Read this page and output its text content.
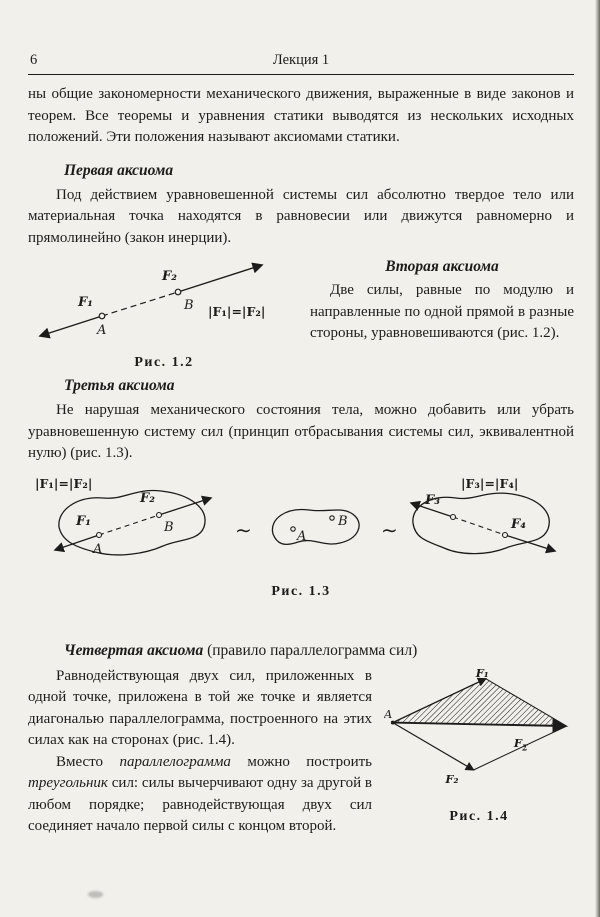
6	Лекция 1

ны общие закономерности механического движения, выраженные в виде законов и теорем. Все теоремы и уравнения статики выводятся из нескольких исходных положений. Эти положения называют аксиомами статики.

Первая аксиома

Под действием уравновешенной системы сил абсолютно твердое тело или материальная точка находятся в равновесии или движутся равномерно и прямолинейно (закон инерции).

F₁
A
F₂
B |F₁|=|F₂|
Рис. 1.2
Вторая аксиома

Две силы, равные по модулю и направленные по одной прямой в разные стороны, уравновешиваются (рис. 1.2).

Третья аксиома

Не нарушая механического состояния тела, можно добавить или убрать уравновешенную систему сил (принцип отбрасывания системы сил, эквивалентной нулю) (рис. 1.3).

|F₁|=|F₂|
F₁
F₂
A
B	∼	A
B ∼
|F₃|=|F₄|
F₃
F₄
Рис. 1.3
Четвертая аксиома (правило параллелограмма сил)
A
F₁
F₂
$F_\Sigma$
Рис. 1.4

Равнодействующая двух сил, приложенных в одной точке, приложена в той же точке и является диагональю параллелограмма, построенного на этих силах как на сторонах (рис. 1.4).

Вместо параллелограмма можно построить треугольник сил: силы вычерчивают одну за другой в любом порядке; равнодействующая двух сил соединяет начало первой силы с концом второй.
